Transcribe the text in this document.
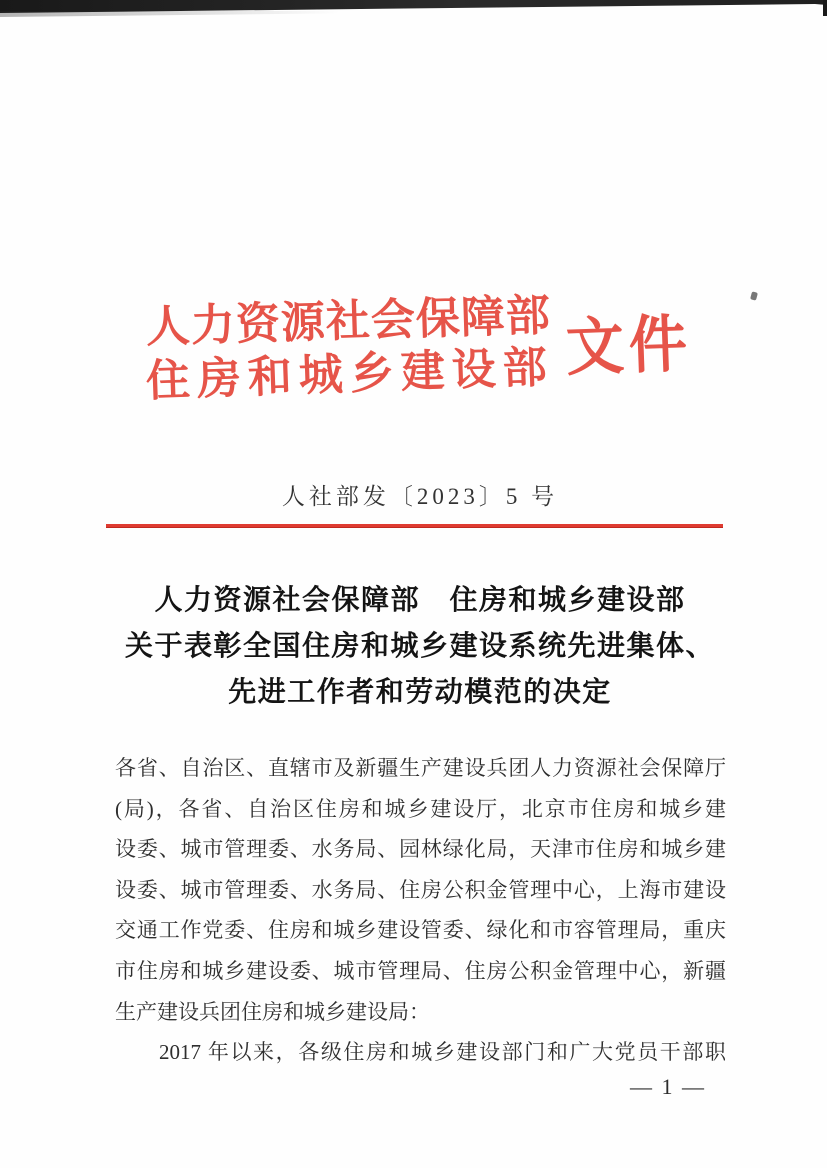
人力资源社会保障部
住房和城乡建设部 文件
人社部发〔2023〕5 号
人力资源社会保障部　住房和城乡建设部
关于表彰全国住房和城乡建设系统先进集体、
先进工作者和劳动模范的决定
各省、自治区、直辖市及新疆生产建设兵团人力资源社会保障厅
(局)，各省、自治区住房和城乡建设厅，北京市住房和城乡建
设委、城市管理委、水务局、园林绿化局，天津市住房和城乡建
设委、城市管理委、水务局、住房公积金管理中心，上海市建设
交通工作党委、住房和城乡建设管委、绿化和市容管理局，重庆
市住房和城乡建设委、城市管理局、住房公积金管理中心，新疆
生产建设兵团住房和城乡建设局：
2017 年以来，各级住房和城乡建设部门和广大党员干部职
— 1 —
